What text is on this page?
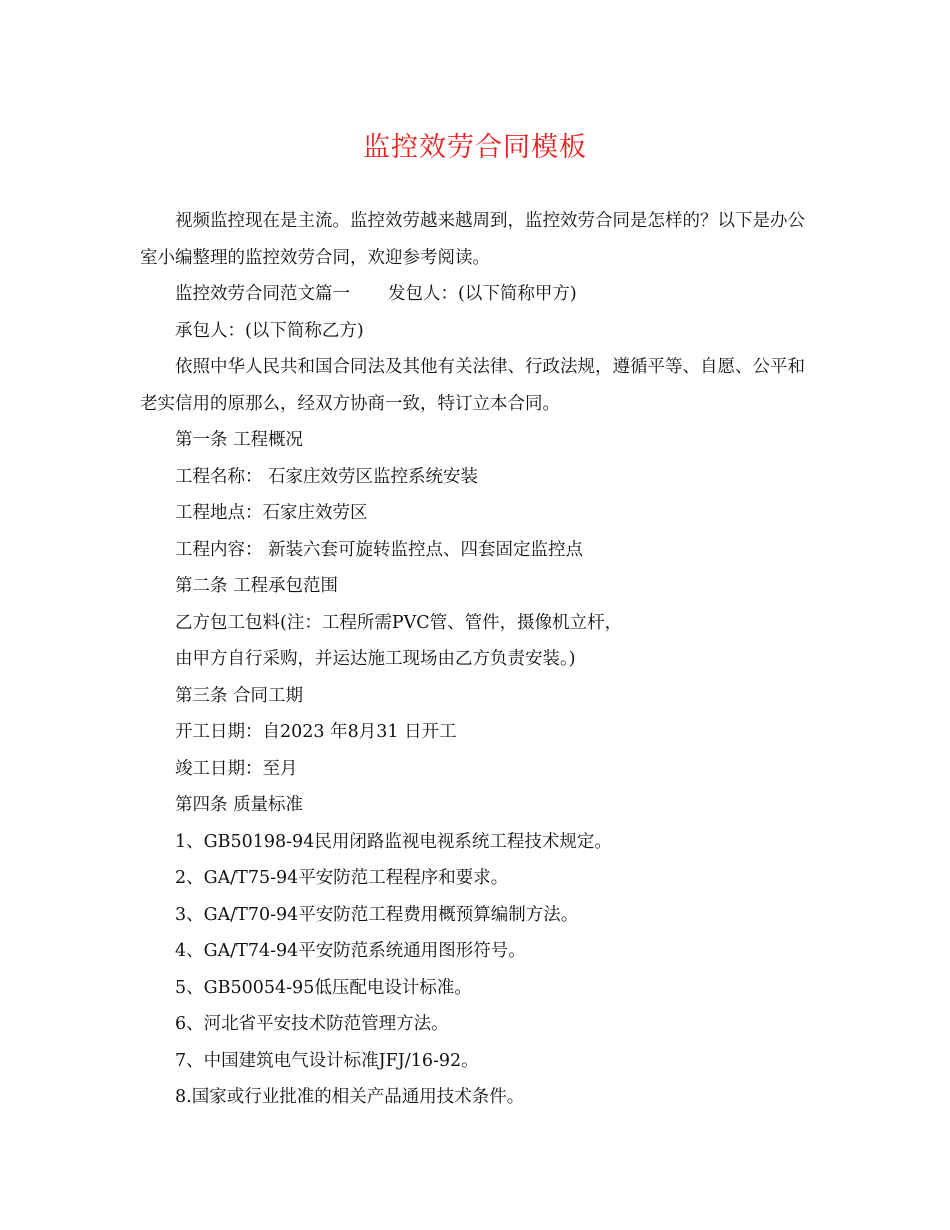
监控效劳合同模板

视频监控现在是主流。监控效劳越来越周到，监控效劳合同是怎样的？以下是办公室小编整理的监控效劳合同，欢迎参考阅读。

监控效劳合同范文篇一 发包人：(以下简称甲方)

承包人：(以下简称乙方)

依照中华人民共和国合同法及其他有关法律、行政法规，遵循平等、自愿、公平和老实信用的原那么，经双方协商一致，特订立本合同。

第一条 工程概况

工程名称： 石家庄效劳区监控系统安装

工程地点：石家庄效劳区

工程内容： 新装六套可旋转监控点、四套固定监控点

第二条 工程承包范围

乙方包工包料(注：工程所需PVC管、管件，摄像机立杆，

由甲方自行采购，并运达施工现场由乙方负责安装。)

第三条 合同工期

开工日期：自2023 年8月31 日开工

竣工日期：至月

第四条 质量标准

1、GB50198-94民用闭路监视电视系统工程技术规定。

2、GA/T75-94平安防范工程程序和要求。

3、GA/T70-94平安防范工程费用概预算编制方法。

4、GA/T74-94平安防范系统通用图形符号。

5、GB50054-95低压配电设计标准。

6、河北省平安技术防范管理方法。

7、中国建筑电气设计标准JFJ/16-92。

8.国家或行业批准的相关产品通用技术条件。
